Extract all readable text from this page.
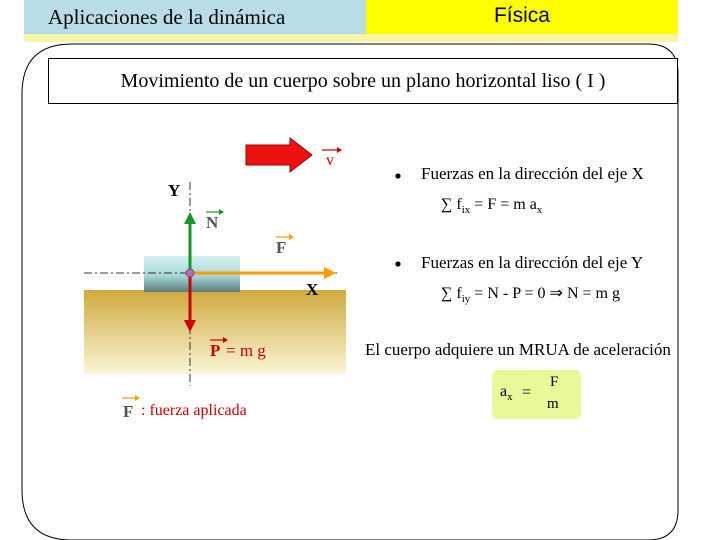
Aplicaciones de la dinámica	Física
Movimiento de un cuerpo sobre un plano horizontal liso ( I )
v
Y
N
F
X
P = m g
F : fuerza aplicada
Fuerzas en la dirección del eje X
∑ $f_{ix} = F = m$ $a_x$
Fuerzas en la dirección del eje Y
∑ $f_{iy} = N - P = 0$ ⇒ N = m g
El cuerpo adquiere un MRUA de aceleración
$a_x$ =
F
m
